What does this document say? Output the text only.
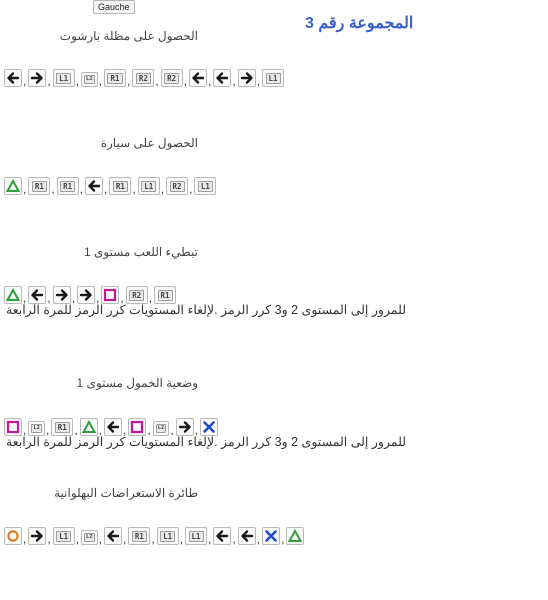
Gauche
المجموعة رقم 3
الحصول على مظلة بارشوت
, ,	L1 ,	L2 ,	R1 ,	R2 ,	R2 , , , ,	L1
الحصول على سيارة
,	R1 ,	R1 , ,	R1 ,	L1 ,	R2 ,	L1
تبطيء اللعب مستوى 1
, , , , ,	R2 ,	R1
للمرور إلى المستوى 2 و3 كرر الرمز .لإلغاء المستويات كرر الرمز للمرة الرابعة
وضعية الخمول مستوى 1
,	L2 ,	R1 , , , ,	L2 , ,
للمرور إلى المستوى 2 و3 كرر الرمز .لإلغاء المستويات كرر الرمز للمرة الرابعة
طائرة الاستعراضات البهلوانية
, ,	L1 ,	L2 , ,	R1 ,	L1 ,	L1 , , , ,
